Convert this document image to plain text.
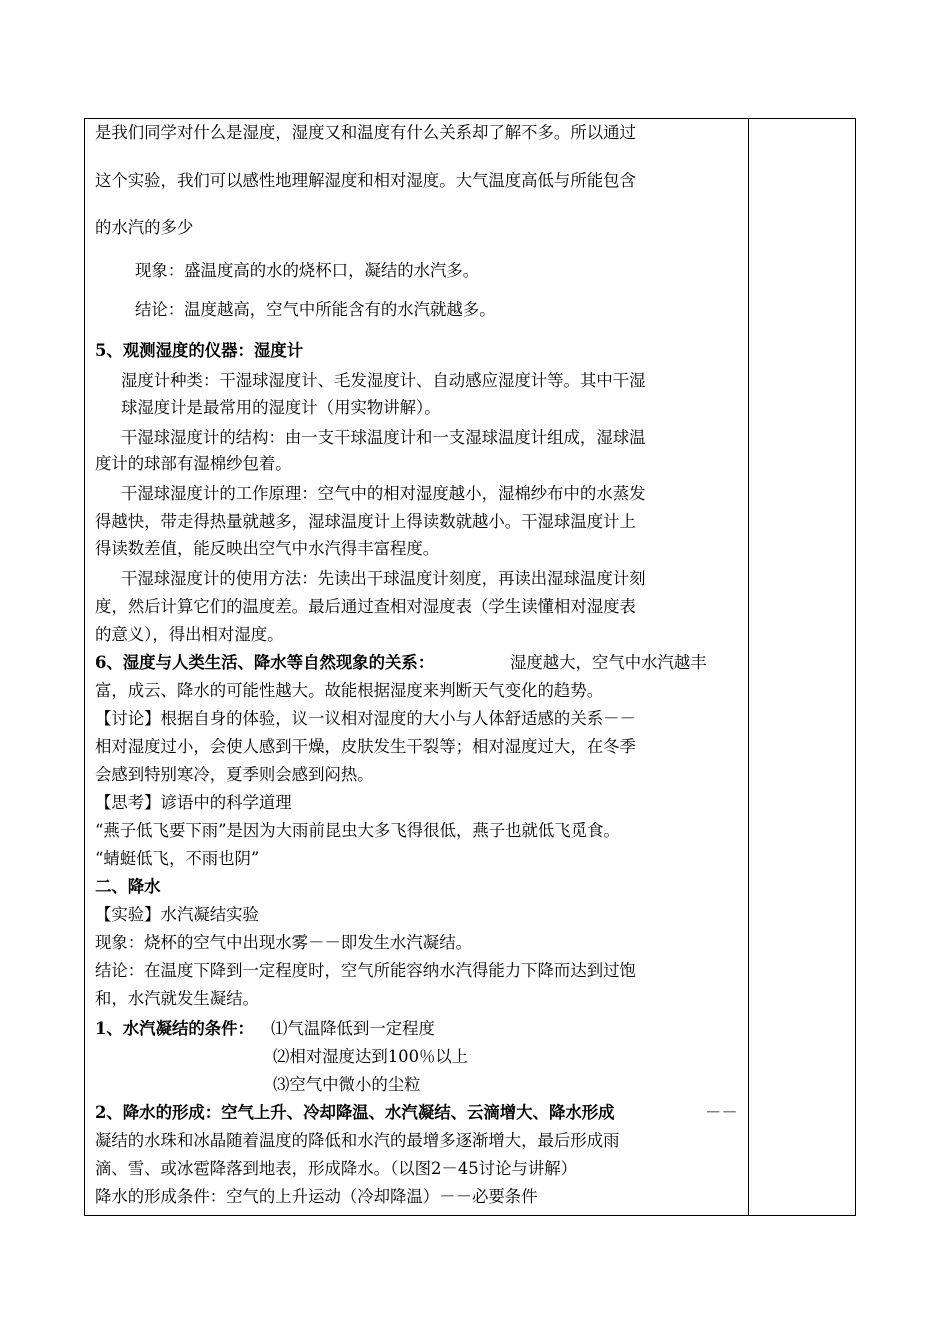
是我们同学对什么是湿度，湿度又和温度有什么关系却了解不多。所以通过
这个实验，我们可以感性地理解湿度和相对湿度。大气温度高低与所能包含
的水汽的多少
现象：盛温度高的水的烧杯口，凝结的水汽多。
结论：温度越高，空气中所能含有的水汽就越多。
5、观测湿度的仪器：湿度计
湿度计种类：干湿球湿度计、毛发湿度计、自动感应湿度计等。其中干湿
球湿度计是最常用的湿度计（用实物讲解）。
干湿球湿度计的结构：由一支干球温度计和一支湿球温度计组成，湿球温
度计的球部有湿棉纱包着。
干湿球湿度计的工作原理：空气中的相对湿度越小，湿棉纱布中的水蒸发
得越快，带走得热量就越多，湿球温度计上得读数就越小。干湿球温度计上
得读数差值，能反映出空气中水汽得丰富程度。
干湿球湿度计的使用方法：先读出干球温度计刻度，再读出湿球温度计刻
度，然后计算它们的温度差。最后通过查相对湿度表（学生读懂相对湿度表
的意义），得出相对湿度。
6、湿度与人类生活、降水等自然现象的关系：	湿度越大，空气中水汽越丰
富，成云、降水的可能性越大。故能根据湿度来判断天气变化的趋势。
【讨论】根据自身的体验，议一议相对湿度的大小与人体舒适感的关系－－
相对湿度过小，会使人感到干燥，皮肤发生干裂等；相对湿度过大，在冬季
会感到特别寒冷，夏季则会感到闷热。
【思考】谚语中的科学道理
“燕子低飞要下雨”是因为大雨前昆虫大多飞得很低，燕子也就低飞觅食。
“蜻蜓低飞，不雨也阴”
二、降水
【实验】水汽凝结实验
现象：烧杯的空气中出现水雾－－即发生水汽凝结。
结论：在温度下降到一定程度时，空气所能容纳水汽得能力下降而达到过饱
和，水汽就发生凝结。
1、水汽凝结的条件： ⑴气温降低到一定程度
⑵相对湿度达到100％以上
⑶空气中微小的尘粒
2、降水的形成：空气上升、冷却降温、水汽凝结、云滴增大、降水形成	－－
凝结的水珠和冰晶随着温度的降低和水汽的最增多逐渐增大，最后形成雨
滴、雪、或冰雹降落到地表，形成降水。（以图2－45讨论与讲解）
降水的形成条件：空气的上升运动（冷却降温）－－必要条件
